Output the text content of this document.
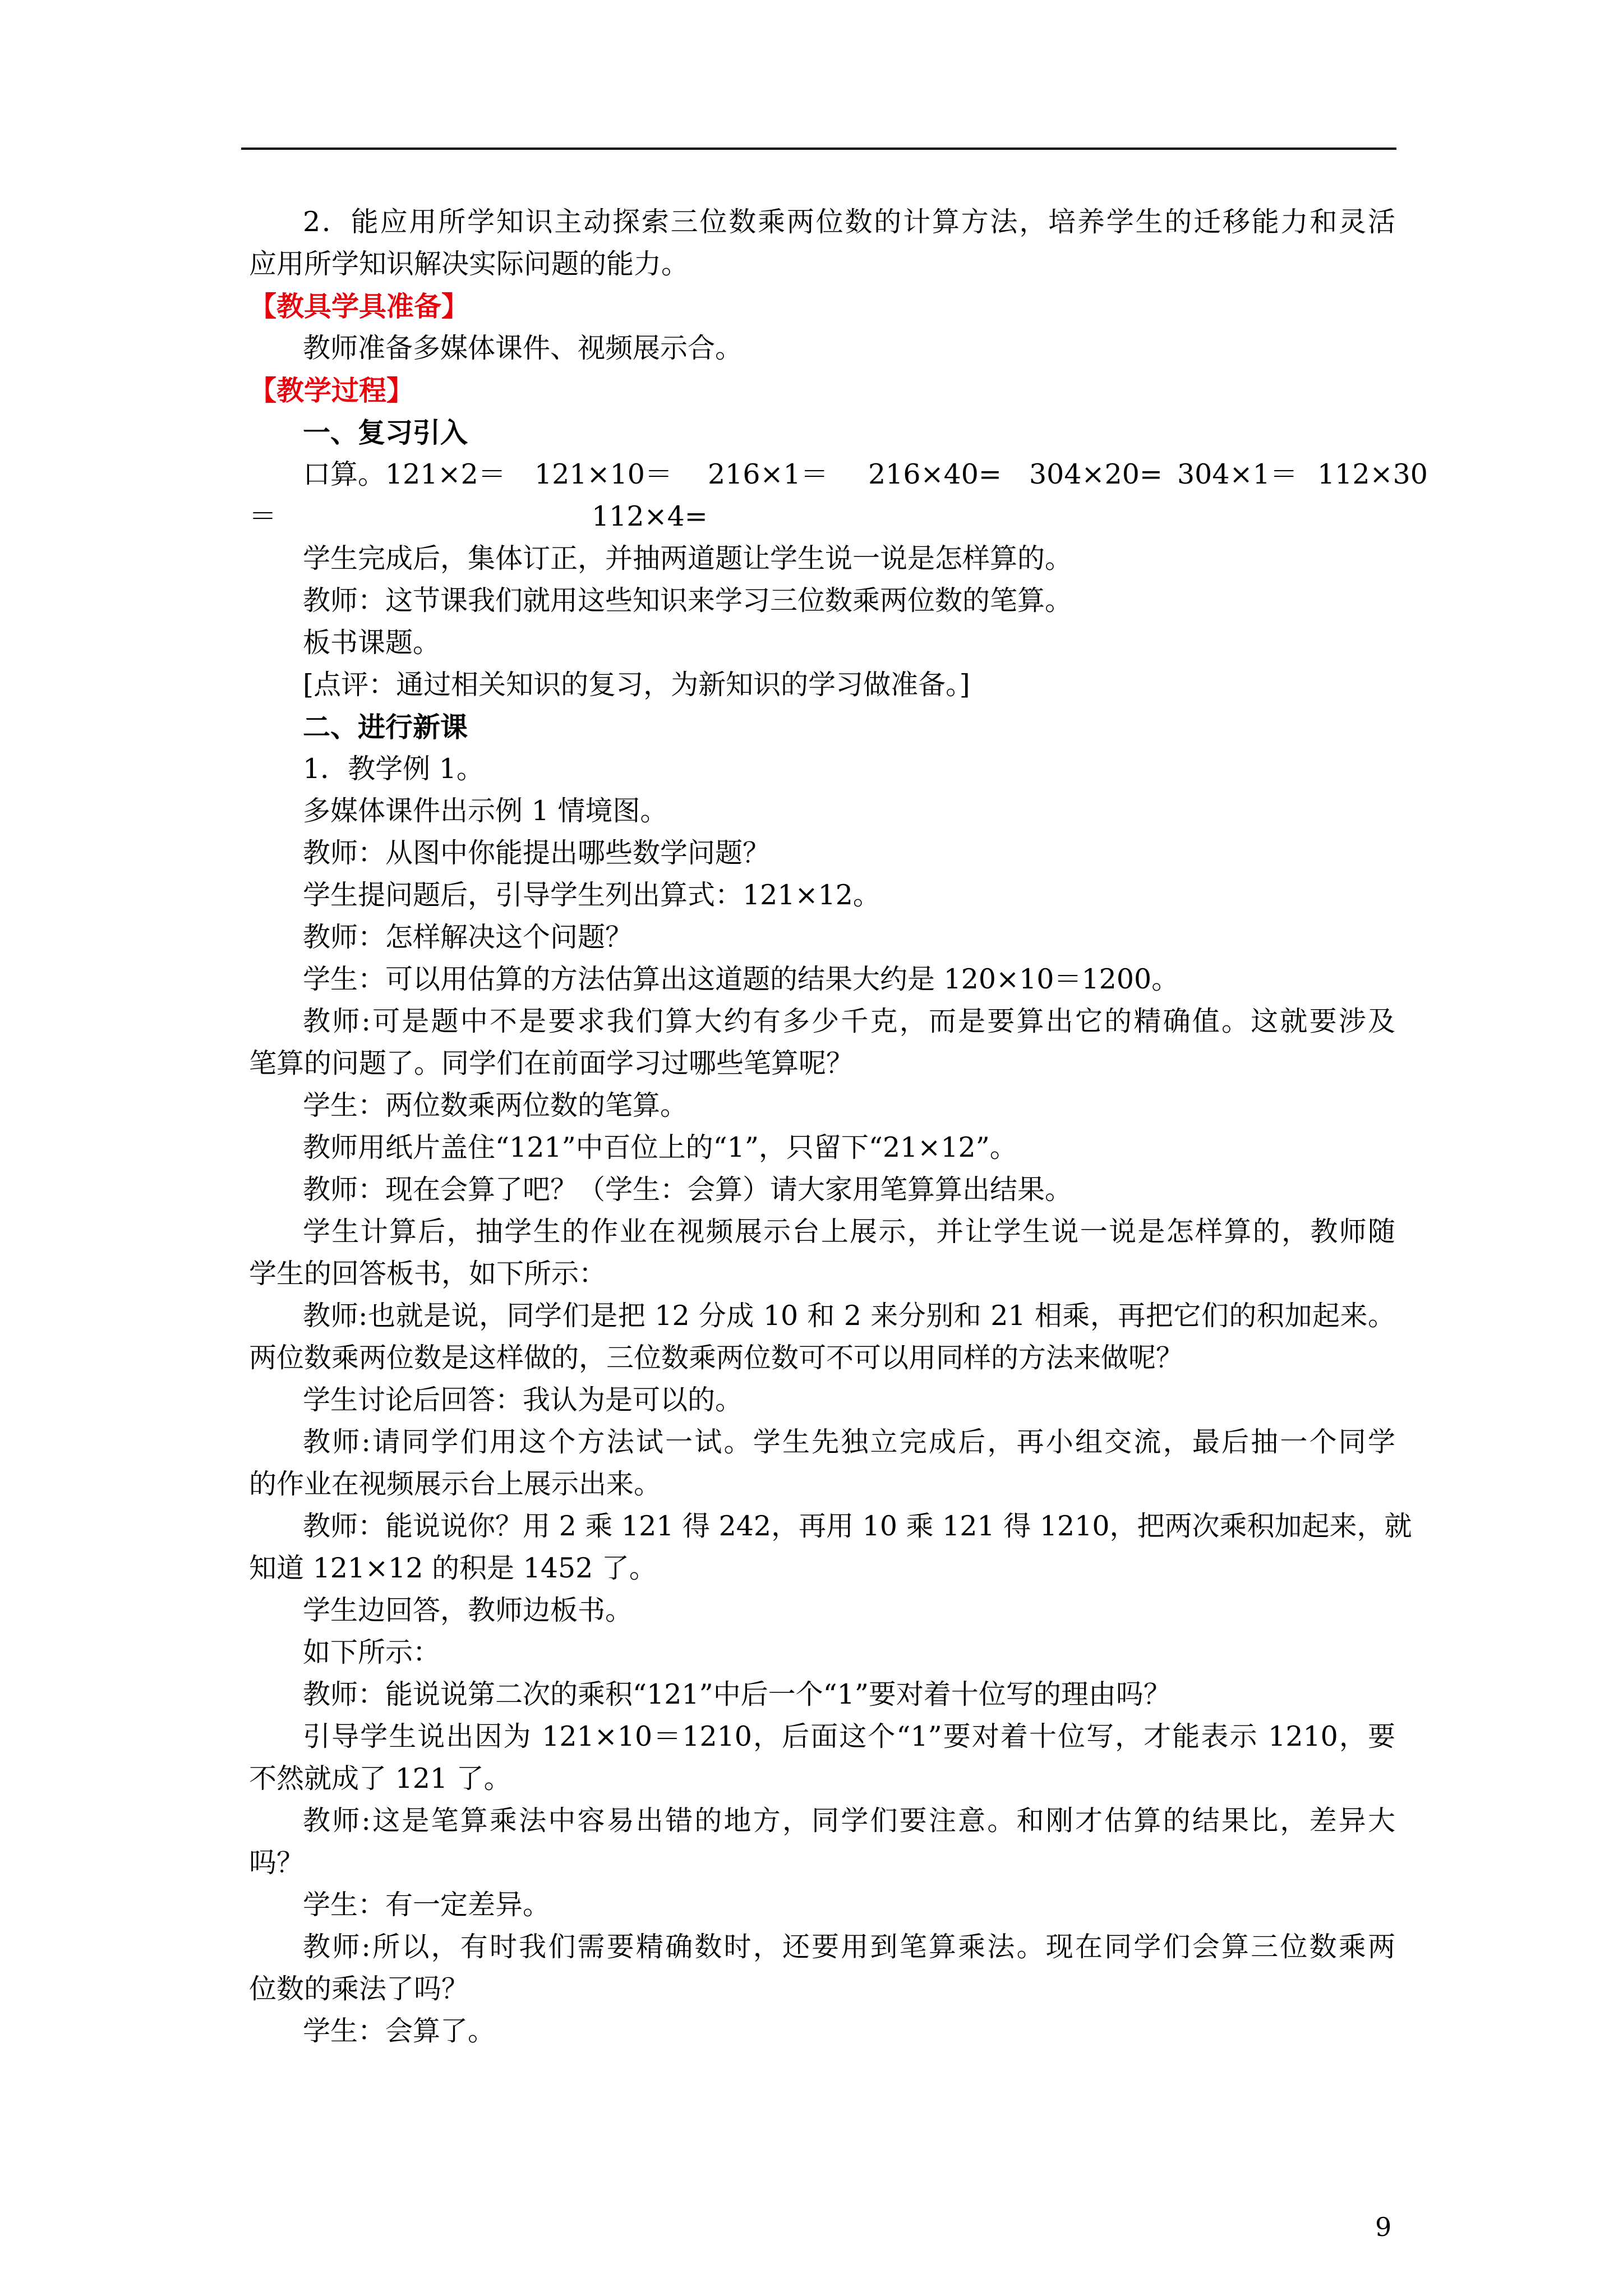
2．能应用所学知识主动探索三位数乘两位数的计算方法，培养学生的迁移能力和灵活
应用所学知识解决实际问题的能力。
【教具学具准备】
教师准备多媒体课件、视频展示合。
【教学过程】
一、复习引入
口算。121×2＝ 121×10＝ 216×1＝ 216×40= 304×20= 304×1＝ 112×30
＝	112×4=
学生完成后，集体订正，并抽两道题让学生说一说是怎样算的。
教师：这节课我们就用这些知识来学习三位数乘两位数的笔算。
板书课题。
[点评：通过相关知识的复习，为新知识的学习做准备。]
二、进行新课
1．教学例 1。
多媒体课件出示例 1 情境图。
教师：从图中你能提出哪些数学问题？
学生提问题后，引导学生列出算式：121×12。
教师：怎样解决这个问题？
学生：可以用估算的方法估算出这道题的结果大约是 120×10＝1200。
教师:可是题中不是要求我们算大约有多少千克，而是要算出它的精确值。这就要涉及
笔算的问题了。同学们在前面学习过哪些笔算呢？
学生：两位数乘两位数的笔算。
教师用纸片盖住“121”中百位上的“1”，只留下“21×12”。
教师：现在会算了吧？（学生：会算）请大家用笔算算出结果。
学生计算后，抽学生的作业在视频展示台上展示，并让学生说一说是怎样算的，教师随
学生的回答板书，如下所示：
教师:也就是说，同学们是把 12 分成 10 和 2 来分别和 21 相乘，再把它们的积加起来。
两位数乘两位数是这样做的，三位数乘两位数可不可以用同样的方法来做呢？
学生讨论后回答：我认为是可以的。
教师:请同学们用这个方法试一试。学生先独立完成后，再小组交流，最后抽一个同学
的作业在视频展示台上展示出来。
教师：能说说你？用 2 乘 121 得 242，再用 10 乘 121 得 1210，把两次乘积加起来，就
知道 121×12 的积是 1452 了。
学生边回答，教师边板书。
如下所示：
教师：能说说第二次的乘积“121”中后一个“1”要对着十位写的理由吗？
引导学生说出因为 121×10＝1210，后面这个“1”要对着十位写，才能表示 1210，要
不然就成了 121 了。
教师:这是笔算乘法中容易出错的地方，同学们要注意。和刚才估算的结果比，差异大
吗？
学生：有一定差异。
教师:所以，有时我们需要精确数时，还要用到笔算乘法。现在同学们会算三位数乘两
位数的乘法了吗？
学生：会算了。
9
